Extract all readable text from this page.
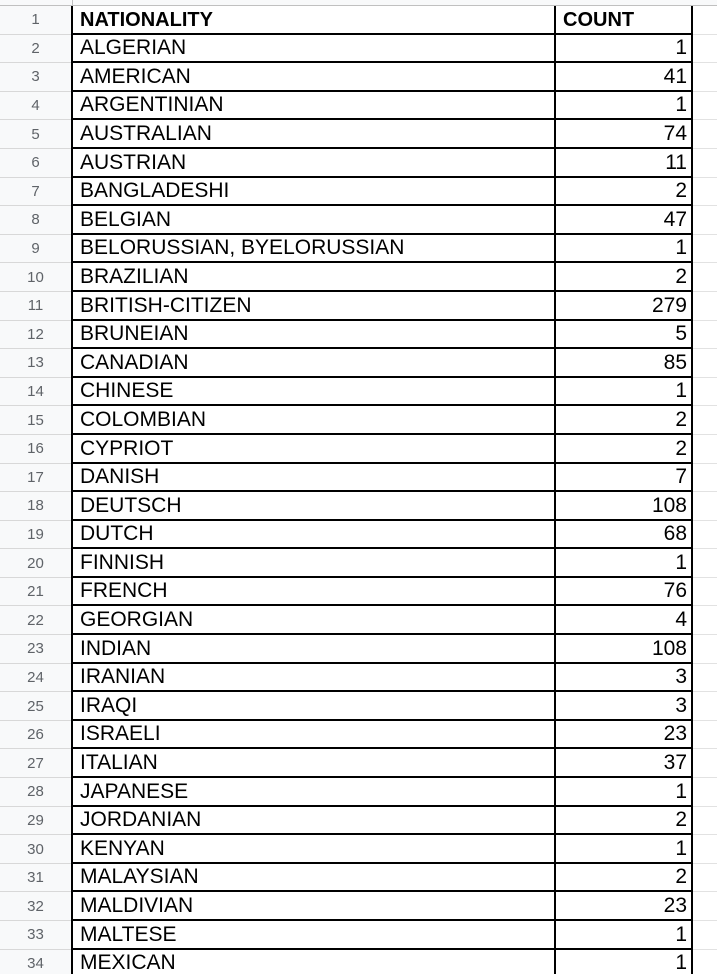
1	NATIONALITY	COUNT
2	ALGERIAN	1
3	AMERICAN	41
4	ARGENTINIAN	1
5	AUSTRALIAN	74
6	AUSTRIAN	11
7	BANGLADESHI	2
8	BELGIAN	47
9	BELORUSSIAN, BYELORUSSIAN	1
10	BRAZILIAN	2
11	BRITISH-CITIZEN	279
12	BRUNEIAN	5
13	CANADIAN	85
14	CHINESE	1
15	COLOMBIAN	2
16	CYPRIOT	2
17	DANISH	7
18	DEUTSCH	108
19	DUTCH	68
20	FINNISH	1
21	FRENCH	76
22	GEORGIAN	4
23	INDIAN	108
24	IRANIAN	3
25	IRAQI	3
26	ISRAELI	23
27	ITALIAN	37
28	JAPANESE	1
29	JORDANIAN	2
30	KENYAN	1
31	MALAYSIAN	2
32	MALDIVIAN	23
33	MALTESE	1
34	MEXICAN	1
